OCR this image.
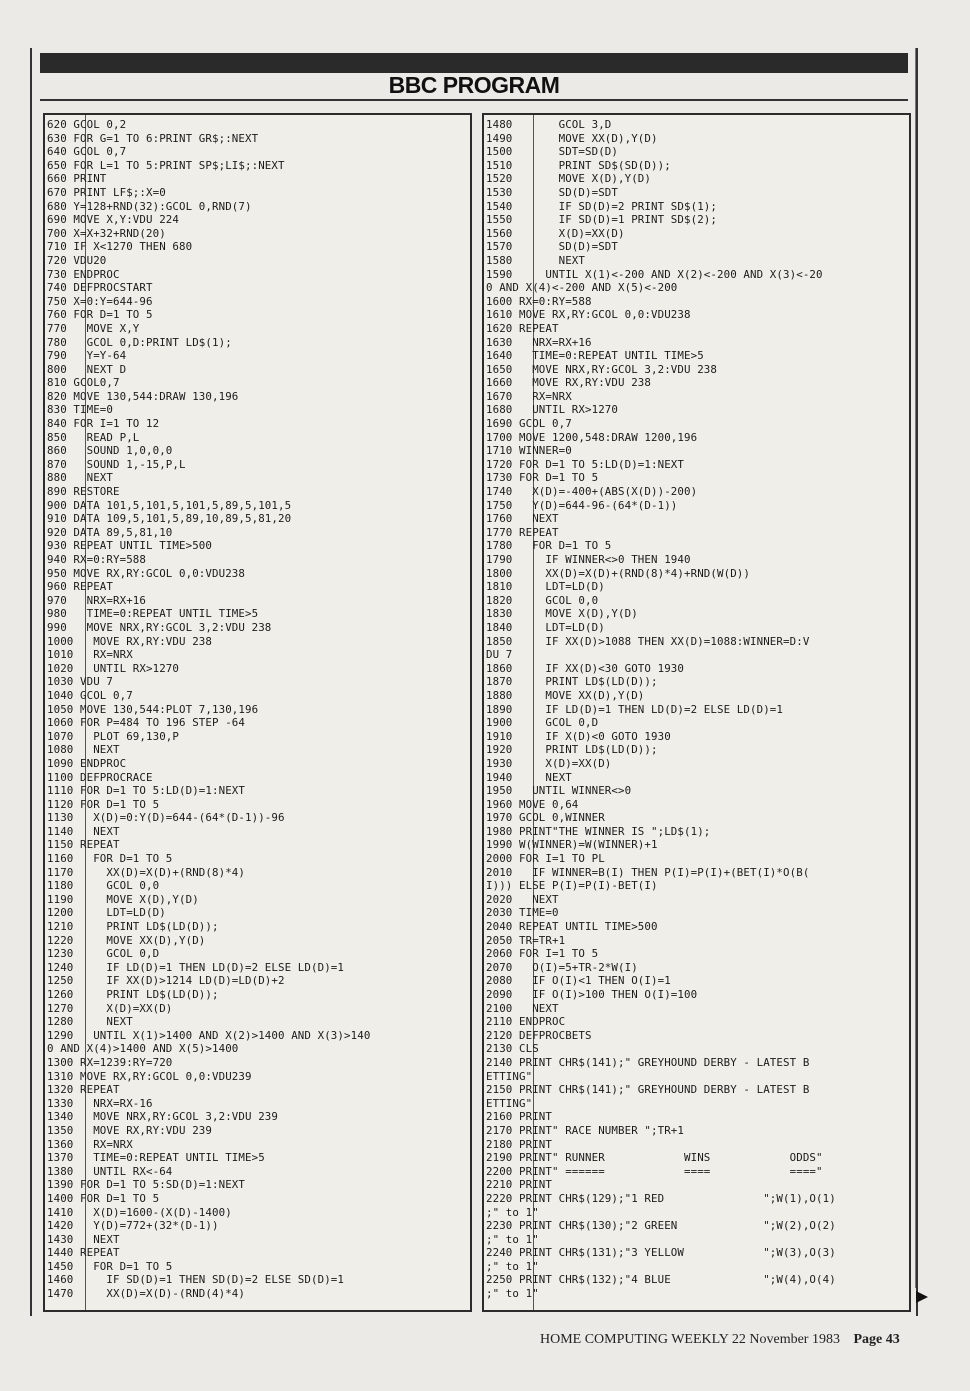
BBC PROGRAM
620 GCOL 0,2
630 FOR G=1 TO 6:PRINT GR$;:NEXT
640 GCOL 0,7
650 FOR L=1 TO 5:PRINT SP$;LI$;:NEXT
660 PRINT
670 PRINT LF$;:X=0
680 Y=128+RND(32):GCOL 0,RND(7)
690 MOVE X,Y:VDU 224
700 X=X+32+RND(20)
710 IF X<1270 THEN 680
720 VDU20
730 ENDPROC
740 DEFPROCSTART
750 X=0:Y=644-96
760 FOR D=1 TO 5
770   MOVE X,Y
780   GCOL 0,D:PRINT LD$(1);
790   Y=Y-64
800   NEXT D
810 GCOL0,7
820 MOVE 130,544:DRAW 130,196
830 TIME=0
840 FOR I=1 TO 12
850   READ P,L
860   SOUND 1,0,0,0
870   SOUND 1,-15,P,L
880   NEXT
890 RESTORE
900 DATA 101,5,101,5,101,5,89,5,101,5
910 DATA 109,5,101,5,89,10,89,5,81,20
920 DATA 89,5,81,10
930 REPEAT UNTIL TIME>500
940 RX=0:RY=588
950 MOVE RX,RY:GCOL 0,0:VDU238
960 REPEAT
970   NRX=RX+16
980   TIME=0:REPEAT UNTIL TIME>5
990   MOVE NRX,RY:GCOL 3,2:VDU 238
1000   MOVE RX,RY:VDU 238
1010   RX=NRX
1020   UNTIL RX>1270
1030 VDU 7
1040 GCOL 0,7
1050 MOVE 130,544:PLOT 7,130,196
1060 FOR P=484 TO 196 STEP -64
1070   PLOT 69,130,P
1080   NEXT
1090 ENDPROC
1100 DEFPROCRACE
1110 FOR D=1 TO 5:LD(D)=1:NEXT
1120 FOR D=1 TO 5
1130   X(D)=0:Y(D)=644-(64*(D-1))-96
1140   NEXT
1150 REPEAT
1160   FOR D=1 TO 5
1170     XX(D)=X(D)+(RND(8)*4)
1180     GCOL 0,0
1190     MOVE X(D),Y(D)
1200     LDT=LD(D)
1210     PRINT LD$(LD(D));
1220     MOVE XX(D),Y(D)
1230     GCOL 0,D
1240     IF LD(D)=1 THEN LD(D)=2 ELSE LD(D)=1
1250     IF XX(D)>1214 LD(D)=LD(D)+2
1260     PRINT LD$(LD(D));
1270     X(D)=XX(D)
1280     NEXT
1290   UNTIL X(1)>1400 AND X(2)>1400 AND X(3)>140
0 AND X(4)>1400 AND X(5)>1400
1300 RX=1239:RY=720
1310 MOVE RX,RY:GCOL 0,0:VDU239
1320 REPEAT
1330   NRX=RX-16
1340   MOVE NRX,RY:GCOL 3,2:VDU 239
1350   MOVE RX,RY:VDU 239
1360   RX=NRX
1370   TIME=0:REPEAT UNTIL TIME>5
1380   UNTIL RX<-64
1390 FOR D=1 TO 5:SD(D)=1:NEXT
1400 FOR D=1 TO 5
1410   X(D)=1600-(X(D)-1400)
1420   Y(D)=772+(32*(D-1))
1430   NEXT
1440 REPEAT
1450   FOR D=1 TO 5
1460     IF SD(D)=1 THEN SD(D)=2 ELSE SD(D)=1
1470     XX(D)=X(D)-(RND(4)*4)
1480       GCOL 3,D
1490       MOVE XX(D),Y(D)
1500       SDT=SD(D)
1510       PRINT SD$(SD(D));
1520       MOVE X(D),Y(D)
1530       SD(D)=SDT
1540       IF SD(D)=2 PRINT SD$(1);
1550       IF SD(D)=1 PRINT SD$(2);
1560       X(D)=XX(D)
1570       SD(D)=SDT
1580       NEXT
1590     UNTIL X(1)<-200 AND X(2)<-200 AND X(3)<-20
0 AND X(4)<-200 AND X(5)<-200
1600 RX=0:RY=588
1610 MOVE RX,RY:GCOL 0,0:VDU238
1620 REPEAT
1630   NRX=RX+16
1640   TIME=0:REPEAT UNTIL TIME>5
1650   MOVE NRX,RY:GCOL 3,2:VDU 238
1660   MOVE RX,RY:VDU 238
1670   RX=NRX
1680   UNTIL RX>1270
1690 GCOL 0,7
1700 MOVE 1200,548:DRAW 1200,196
1710 WINNER=0
1720 FOR D=1 TO 5:LD(D)=1:NEXT
1730 FOR D=1 TO 5
1740   X(D)=-400+(ABS(X(D))-200)
1750   Y(D)=644-96-(64*(D-1))
1760   NEXT
1770 REPEAT
1780   FOR D=1 TO 5
1790     IF WINNER<>0 THEN 1940
1800     XX(D)=X(D)+(RND(8)*4)+RND(W(D))
1810     LDT=LD(D)
1820     GCOL 0,0
1830     MOVE X(D),Y(D)
1840     LDT=LD(D)
1850     IF XX(D)>1088 THEN XX(D)=1088:WINNER=D:V
DU 7
1860     IF XX(D)<30 GOTO 1930
1870     PRINT LD$(LD(D));
1880     MOVE XX(D),Y(D)
1890     IF LD(D)=1 THEN LD(D)=2 ELSE LD(D)=1
1900     GCOL 0,D
1910     IF X(D)<0 GOTO 1930
1920     PRINT LD$(LD(D));
1930     X(D)=XX(D)
1940     NEXT
1950   UNTIL WINNER<>0
1960 MOVE 0,64
1970 GCOL 0,WINNER
1980 PRINT"THE WINNER IS ";LD$(1);
1990 W(WINNER)=W(WINNER)+1
2000 FOR I=1 TO PL
2010   IF WINNER=B(I) THEN P(I)=P(I)+(BET(I)*O(B(
I))) ELSE P(I)=P(I)-BET(I)
2020   NEXT
2030 TIME=0
2040 REPEAT UNTIL TIME>500
2050 TR=TR+1
2060 FOR I=1 TO 5
2070   O(I)=5+TR-2*W(I)
2080   IF O(I)<1 THEN O(I)=1
2090   IF O(I)>100 THEN O(I)=100
2100   NEXT
2110 ENDPROC
2120 DEFPROCBETS
2130 CLS
2140 PRINT CHR$(141);" GREYHOUND DERBY - LATEST B
ETTING"
2150 PRINT CHR$(141);" GREYHOUND DERBY - LATEST B
ETTING"
2160 PRINT
2170 PRINT" RACE NUMBER ";TR+1
2180 PRINT
2190 PRINT" RUNNER            WINS            ODDS"
2200 PRINT" ======            ====            ===="
2210 PRINT
2220 PRINT CHR$(129);"1 RED               ";W(1),O(1)
;" to 1"
2230 PRINT CHR$(130);"2 GREEN             ";W(2),O(2)
;" to 1"
2240 PRINT CHR$(131);"3 YELLOW            ";W(3),O(3)
;" to 1"
2250 PRINT CHR$(132);"4 BLUE              ";W(4),O(4)
;" to 1"
HOME COMPUTING WEEKLY 22 November 1983 Page 43
